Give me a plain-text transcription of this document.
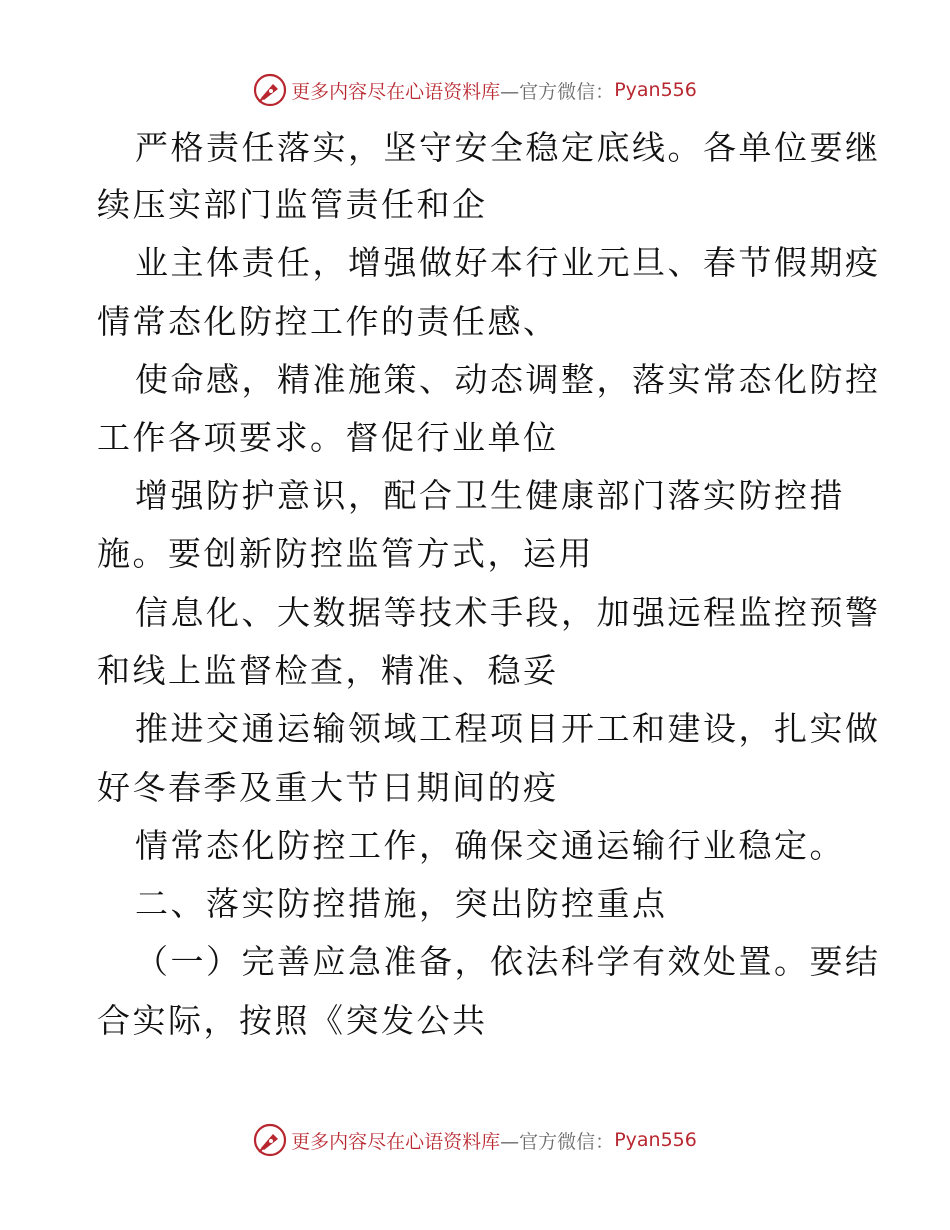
更多内容尽在心语资料库 —官方微信： Pyan556
严格责任落实，坚守安全稳定底线。各单位要继
续压实部门监管责任和企
业主体责任，增强做好本行业元旦、春节假期疫
情常态化防控工作的责任感、
使命感，精准施策、动态调整，落实常态化防控
工作各项要求。督促行业单位
增强防护意识，配合卫生健康部门落实防控措
施。要创新防控监管方式，运用
信息化、大数据等技术手段，加强远程监控预警
和线上监督检查，精准、稳妥
推进交通运输领域工程项目开工和建设，扎实做
好冬春季及重大节日期间的疫
情常态化防控工作，确保交通运输行业稳定。
二、落实防控措施，突出防控重点
（一）完善应急准备，依法科学有效处置。要结
合实际，按照《突发公共
更多内容尽在心语资料库 —官方微信： Pyan556
